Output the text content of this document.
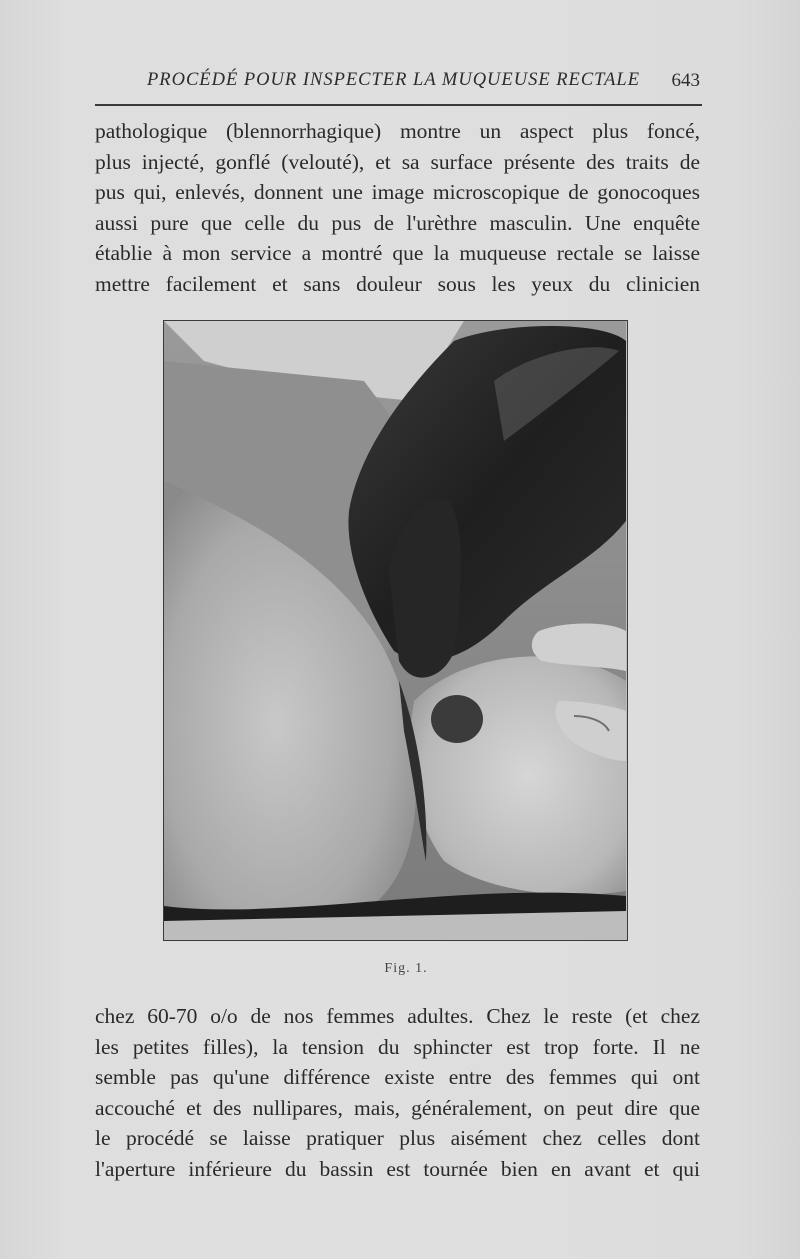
PROCÉDÉ POUR INSPECTER LA MUQUEUSE RECTALE 643

pathologique (blennorrhagique) montre un aspect plus foncé,
plus injecté, gonflé (velouté), et sa surface présente des traits de
pus qui, enlevés, donnent une image microscopique de gonocoques
aussi pure que celle du pus de l'urèthre masculin. Une enquête
établie à mon service a montré que la muqueuse rectale se laisse
mettre facilement et sans douleur sous les yeux du clinicien

Fig. 1.

chez 60-70 o/o de nos femmes adultes. Chez le reste (et chez
les petites filles), la tension du sphincter est trop forte. Il ne
semble pas qu'une différence existe entre des femmes qui ont
accouché et des nullipares, mais, généralement, on peut dire que
le procédé se laisse pratiquer plus aisément chez celles dont
l'aperture inférieure du bassin est tournée bien en avant et qui
